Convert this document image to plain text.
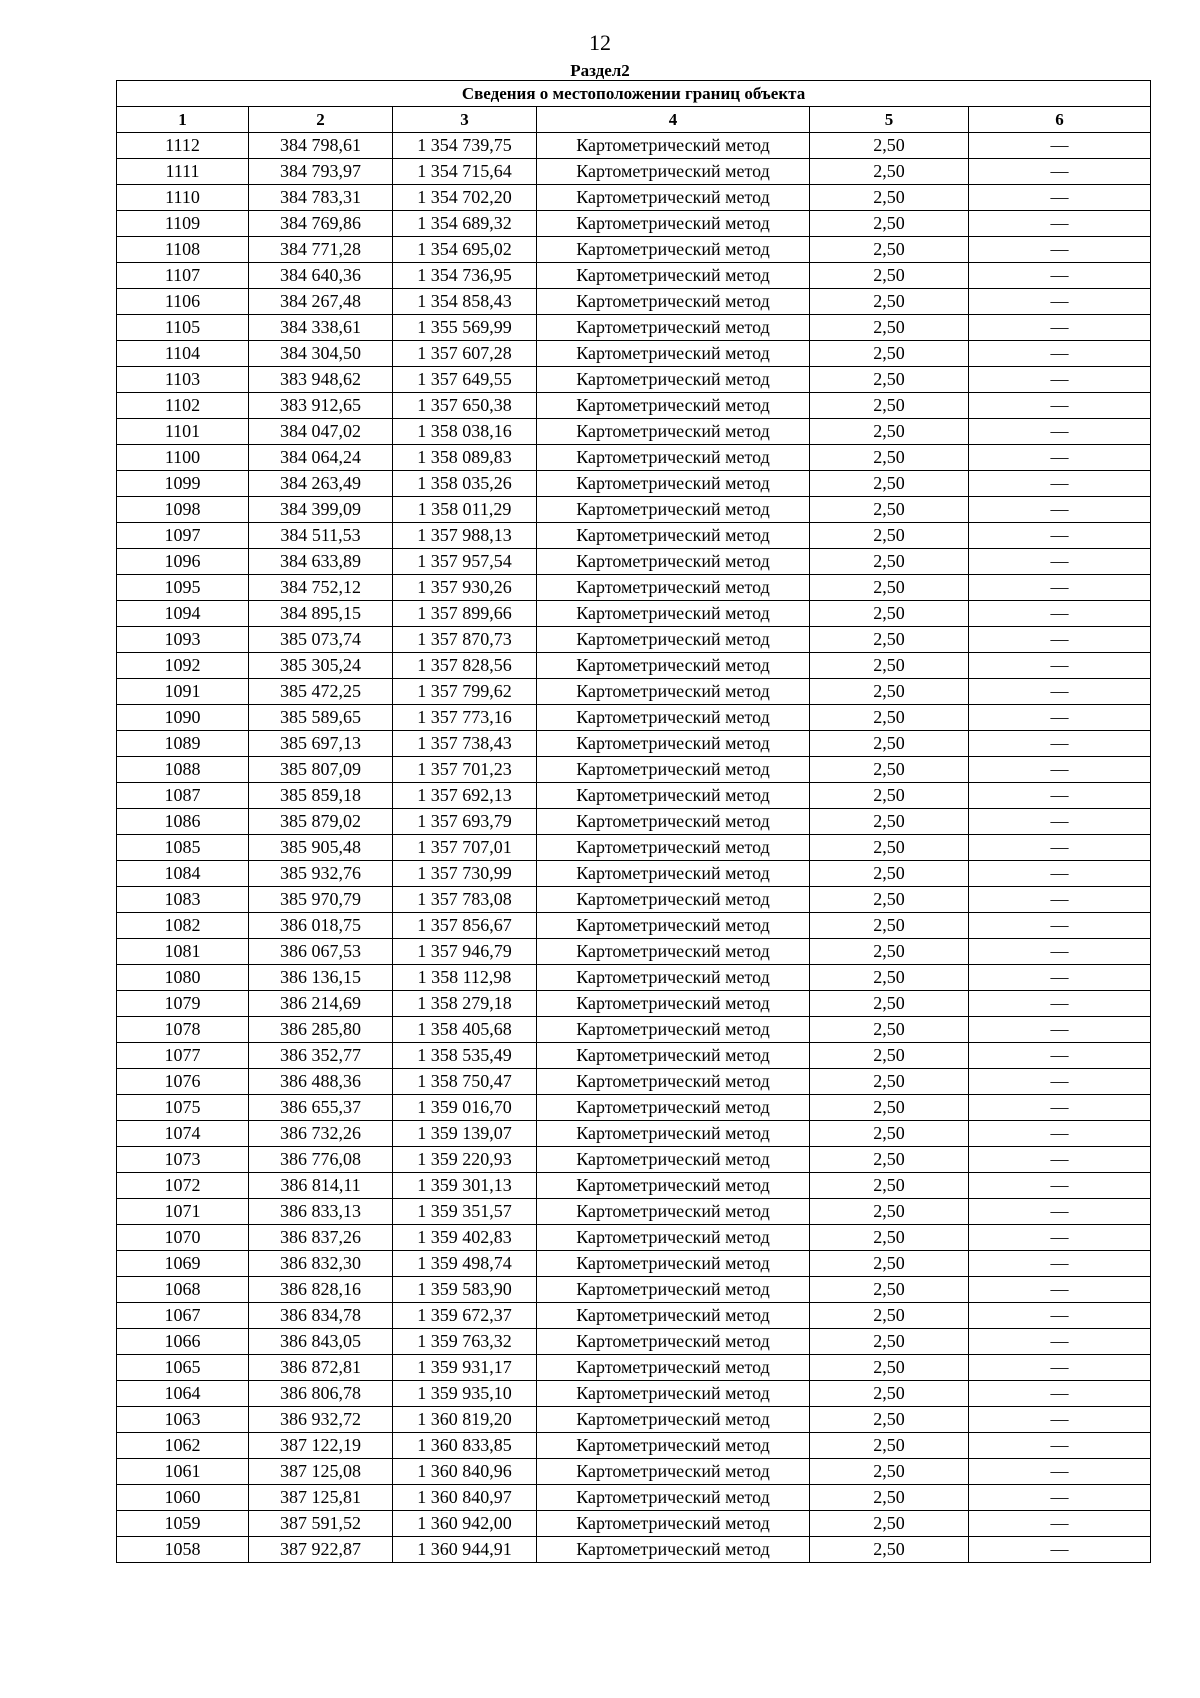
12
Раздел2
Сведения о местоположении границ объекта					
1	2	3	4	5	6
1112	384 798,61	1 354 739,75	Картометрический метод	2,50	—
1111	384 793,97	1 354 715,64	Картометрический метод	2,50	—
1110	384 783,31	1 354 702,20	Картометрический метод	2,50	—
1109	384 769,86	1 354 689,32	Картометрический метод	2,50	—
1108	384 771,28	1 354 695,02	Картометрический метод	2,50	—
1107	384 640,36	1 354 736,95	Картометрический метод	2,50	—
1106	384 267,48	1 354 858,43	Картометрический метод	2,50	—
1105	384 338,61	1 355 569,99	Картометрический метод	2,50	—
1104	384 304,50	1 357 607,28	Картометрический метод	2,50	—
1103	383 948,62	1 357 649,55	Картометрический метод	2,50	—
1102	383 912,65	1 357 650,38	Картометрический метод	2,50	—
1101	384 047,02	1 358 038,16	Картометрический метод	2,50	—
1100	384 064,24	1 358 089,83	Картометрический метод	2,50	—
1099	384 263,49	1 358 035,26	Картометрический метод	2,50	—
1098	384 399,09	1 358 011,29	Картометрический метод	2,50	—
1097	384 511,53	1 357 988,13	Картометрический метод	2,50	—
1096	384 633,89	1 357 957,54	Картометрический метод	2,50	—
1095	384 752,12	1 357 930,26	Картометрический метод	2,50	—
1094	384 895,15	1 357 899,66	Картометрический метод	2,50	—
1093	385 073,74	1 357 870,73	Картометрический метод	2,50	—
1092	385 305,24	1 357 828,56	Картометрический метод	2,50	—
1091	385 472,25	1 357 799,62	Картометрический метод	2,50	—
1090	385 589,65	1 357 773,16	Картометрический метод	2,50	—
1089	385 697,13	1 357 738,43	Картометрический метод	2,50	—
1088	385 807,09	1 357 701,23	Картометрический метод	2,50	—
1087	385 859,18	1 357 692,13	Картометрический метод	2,50	—
1086	385 879,02	1 357 693,79	Картометрический метод	2,50	—
1085	385 905,48	1 357 707,01	Картометрический метод	2,50	—
1084	385 932,76	1 357 730,99	Картометрический метод	2,50	—
1083	385 970,79	1 357 783,08	Картометрический метод	2,50	—
1082	386 018,75	1 357 856,67	Картометрический метод	2,50	—
1081	386 067,53	1 357 946,79	Картометрический метод	2,50	—
1080	386 136,15	1 358 112,98	Картометрический метод	2,50	—
1079	386 214,69	1 358 279,18	Картометрический метод	2,50	—
1078	386 285,80	1 358 405,68	Картометрический метод	2,50	—
1077	386 352,77	1 358 535,49	Картометрический метод	2,50	—
1076	386 488,36	1 358 750,47	Картометрический метод	2,50	—
1075	386 655,37	1 359 016,70	Картометрический метод	2,50	—
1074	386 732,26	1 359 139,07	Картометрический метод	2,50	—
1073	386 776,08	1 359 220,93	Картометрический метод	2,50	—
1072	386 814,11	1 359 301,13	Картометрический метод	2,50	—
1071	386 833,13	1 359 351,57	Картометрический метод	2,50	—
1070	386 837,26	1 359 402,83	Картометрический метод	2,50	—
1069	386 832,30	1 359 498,74	Картометрический метод	2,50	—
1068	386 828,16	1 359 583,90	Картометрический метод	2,50	—
1067	386 834,78	1 359 672,37	Картометрический метод	2,50	—
1066	386 843,05	1 359 763,32	Картометрический метод	2,50	—
1065	386 872,81	1 359 931,17	Картометрический метод	2,50	—
1064	386 806,78	1 359 935,10	Картометрический метод	2,50	—
1063	386 932,72	1 360 819,20	Картометрический метод	2,50	—
1062	387 122,19	1 360 833,85	Картометрический метод	2,50	—
1061	387 125,08	1 360 840,96	Картометрический метод	2,50	—
1060	387 125,81	1 360 840,97	Картометрический метод	2,50	—
1059	387 591,52	1 360 942,00	Картометрический метод	2,50	—
1058	387 922,87	1 360 944,91	Картометрический метод	2,50	—
